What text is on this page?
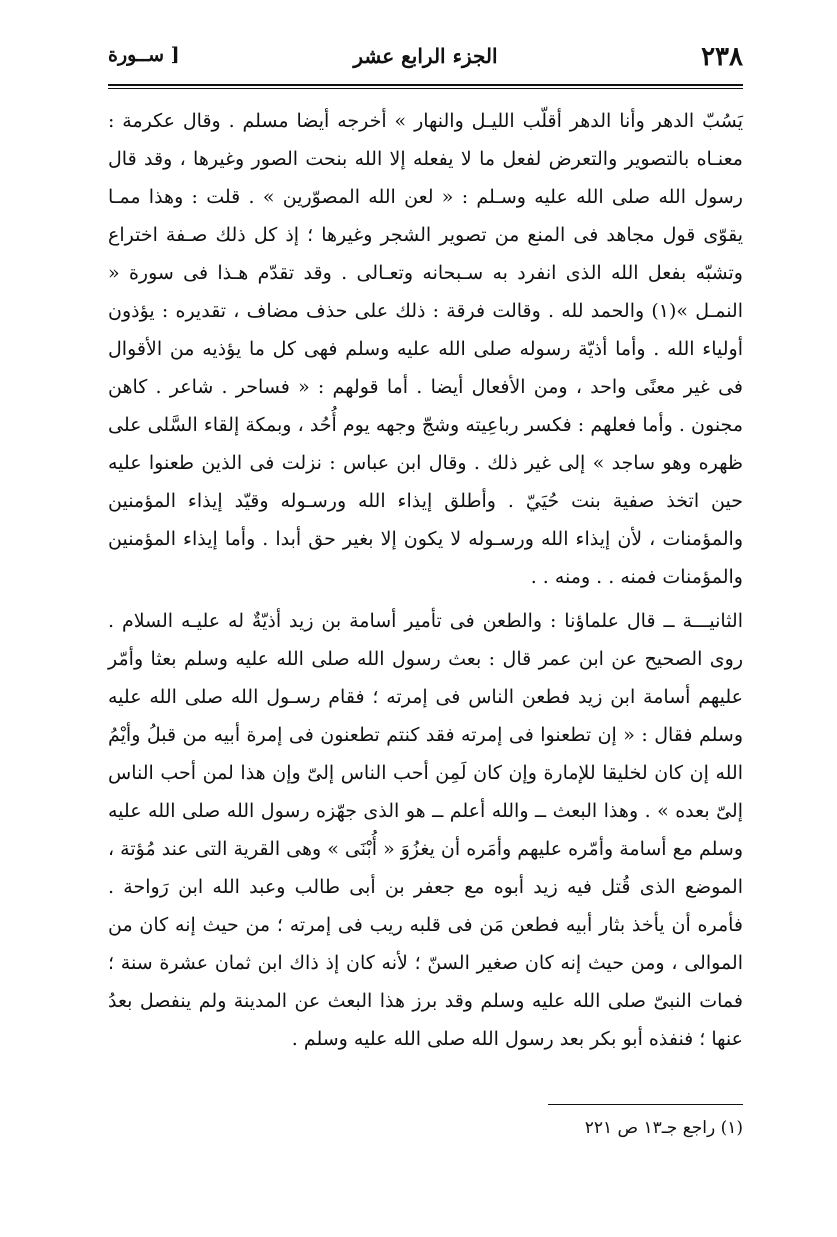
٢٣٨
الجزء الرابع عشر
[ ســورة

يَسُبّ الدهر وأنا الدهر أقلّب الليـل والنهار » أخرجه أيضا مسلم . وقال عكرمة : معنـاه بالتصوير والتعرض لفعل ما لا يفعله إلا الله بنحت الصور وغيرها ، وقد قال رسول الله صلى الله عليه وسـلم : « لعن الله المصوّرين » . قلت : وهذا ممـا يقوّى قول مجاهد فى المنع من تصوير الشجر وغيرها ؛ إذ كل ذلك صـفة اختراع وتشبّه بفعل الله الذى انفرد به سـبحانه وتعـالى . وقد تقدّم هـذا فى سورة « النمـل »(١) والحمد لله . وقالت فرقة : ذلك على حذف مضاف ، تقديره : يؤذون أولياء الله . وأما أذيّة رسوله صلى الله عليه وسلم فهى كل ما يؤذيه من الأقوال فى غير معنًى واحد ، ومن الأفعال أيضا . أما قولهم : « فساحر . شاعر . كاهن مجنون . وأما فعلهم : فكسر رباعِيته وشجّ وجهه يوم أُحُد ، وبمكة إلقاء السَّلى على ظهره وهو ساجد » إلى غير ذلك . وقال ابن عباس : نزلت فى الذين طعنوا عليه حين اتخذ صفية بنت حُيَيّ . وأطلق إيذاء الله ورسـوله وقيّد إيذاء المؤمنين والمؤمنات ، لأن إيذاء الله ورسـوله لا يكون إلا بغير حق أبدا . وأما إيذاء المؤمنين والمؤمنات فمنه . . ومنه . .

الثانيـــة ــ قال علماؤنا : والطعن فى تأمير أسامة بن زيد أذيّةٌ له عليـه السلام . روى الصحيح عن ابن عمر قال : بعث رسول الله صلى الله عليه وسلم بعثا وأمّر عليهم أسامة ابن زيد فطعن الناس فى إمرته ؛ فقام رسـول الله صلى الله عليه وسلم فقال : « إن تطعنوا فى إمرته فقد كنتم تطعنون فى إمرة أبيه من قبلُ وأيْمُ الله إن كان لخليقا للإمارة وإن كان لَمِن أحب الناس إلىّ وإن هذا لمن أحب الناس إلىّ بعده » . وهذا البعث ــ والله أعلم ــ هو الذى جهّزه رسول الله صلى الله عليه وسلم مع أسامة وأمّره عليهم وأمَره أن يغزُوَ « أُبْنَى » وهى القرية التى عند مُؤتة ، الموضع الذى قُتل فيه زيد أبوه مع جعفر بن أبى طالب وعبد الله ابن رَواحة . فأمره أن يأخذ بثار أبيه فطعن مَن فى قلبه ريب فى إمرته ؛ من حيث إنه كان من الموالى ، ومن حيث إنه كان صغير السنّ ؛ لأنه كان إذ ذاك ابن ثمان عشرة سنة ؛ فمات النبىّ صلى الله عليه وسلم وقد برز هذا البعث عن المدينة ولم ينفصل بعدُ عنها ؛ فنفذه أبو بكر بعد رسول الله صلى الله عليه وسلم .

(١) راجع جـ١٣ ص ٢٢١
